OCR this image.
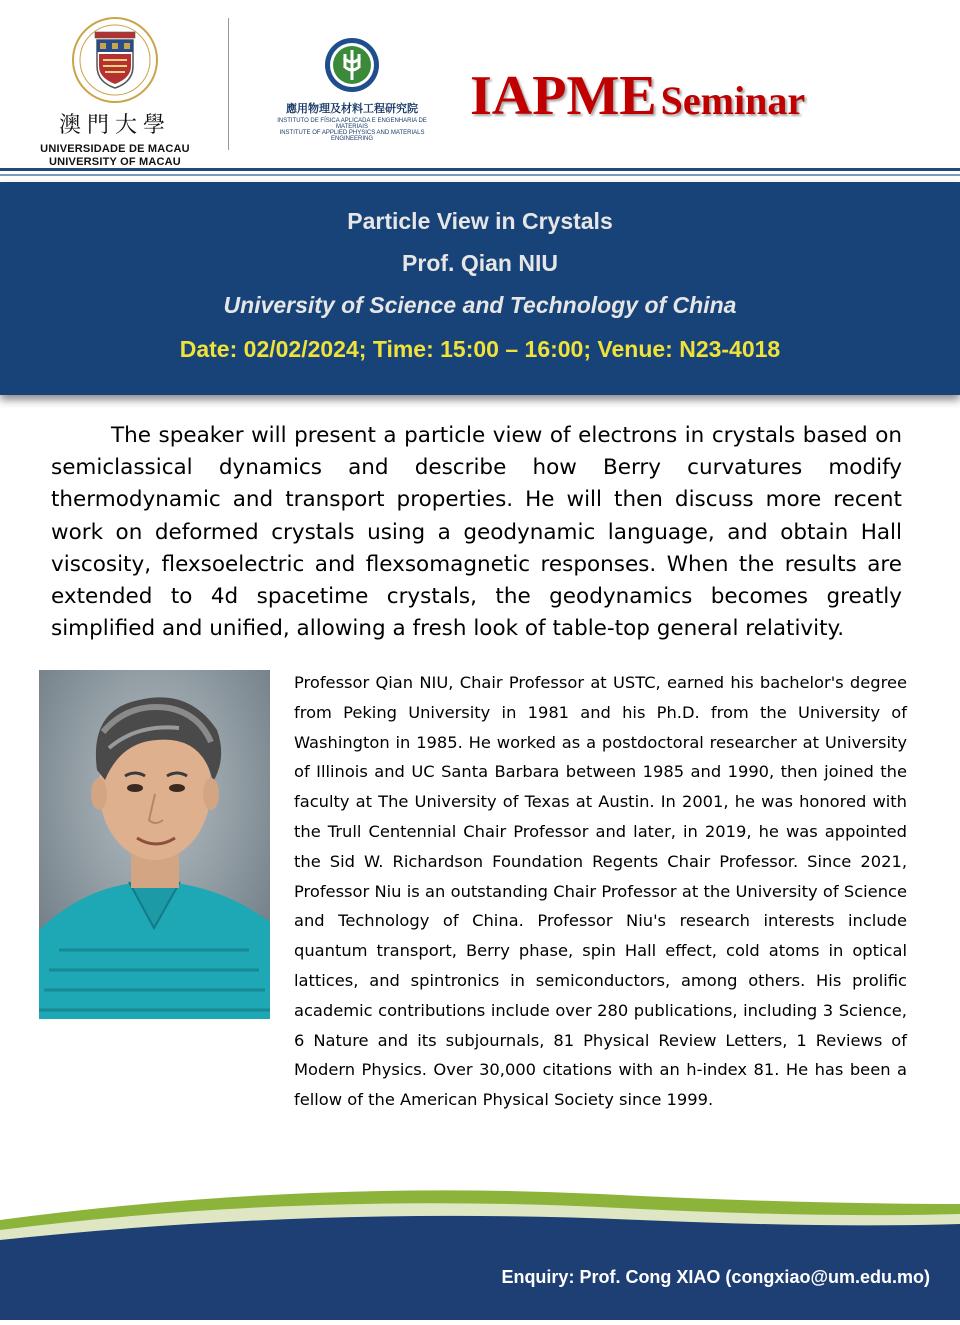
澳門大學
UNIVERSIDADE DE MACAU
UNIVERSITY OF MACAU
應用物理及材料工程研究院
INSTITUTO DE FÍSICA APLICADA E ENGENHARIA DE MATERIAIS
INSTITUTE OF APPLIED PHYSICS AND MATERIALS ENGINEERING
IAPME Seminar
Particle View in Crystals
Prof. Qian NIU
University of Science and Technology of China
Date: 02/02/2024; Time: 15:00 – 16:00; Venue: N23-4018
The speaker will present a particle view of electrons in crystals based on semiclassical dynamics and describe how Berry curvatures modify thermodynamic and transport properties. He will then discuss more recent work on deformed crystals using a geodynamic language, and obtain Hall viscosity, flexsoelectric and flexsomagnetic responses. When the results are extended to 4d spacetime crystals, the geodynamics becomes greatly simplified and unified, allowing a fresh look of table-top general relativity.
Professor Qian NIU, Chair Professor at USTC, earned his bachelor's degree from Peking University in 1981 and his Ph.D. from the University of Washington in 1985. He worked as a postdoctoral researcher at University of Illinois and UC Santa Barbara between 1985 and 1990, then joined the faculty at The University of Texas at Austin. In 2001, he was honored with the Trull Centennial Chair Professor and later, in 2019, he was appointed the Sid W. Richardson Foundation Regents Chair Professor. Since 2021, Professor Niu is an outstanding Chair Professor at the University of Science and Technology of China. Professor Niu's research interests include quantum transport, Berry phase, spin Hall effect, cold atoms in optical lattices, and spintronics in semiconductors, among others. His prolific academic contributions include over 280 publications, including 3 Science, 6 Nature and its subjournals, 81 Physical Review Letters, 1 Reviews of Modern Physics. Over 30,000 citations with an h-index 81. He has been a fellow of the American Physical Society since 1999.
Enquiry: Prof. Cong XIAO (congxiao@um.edu.mo)
